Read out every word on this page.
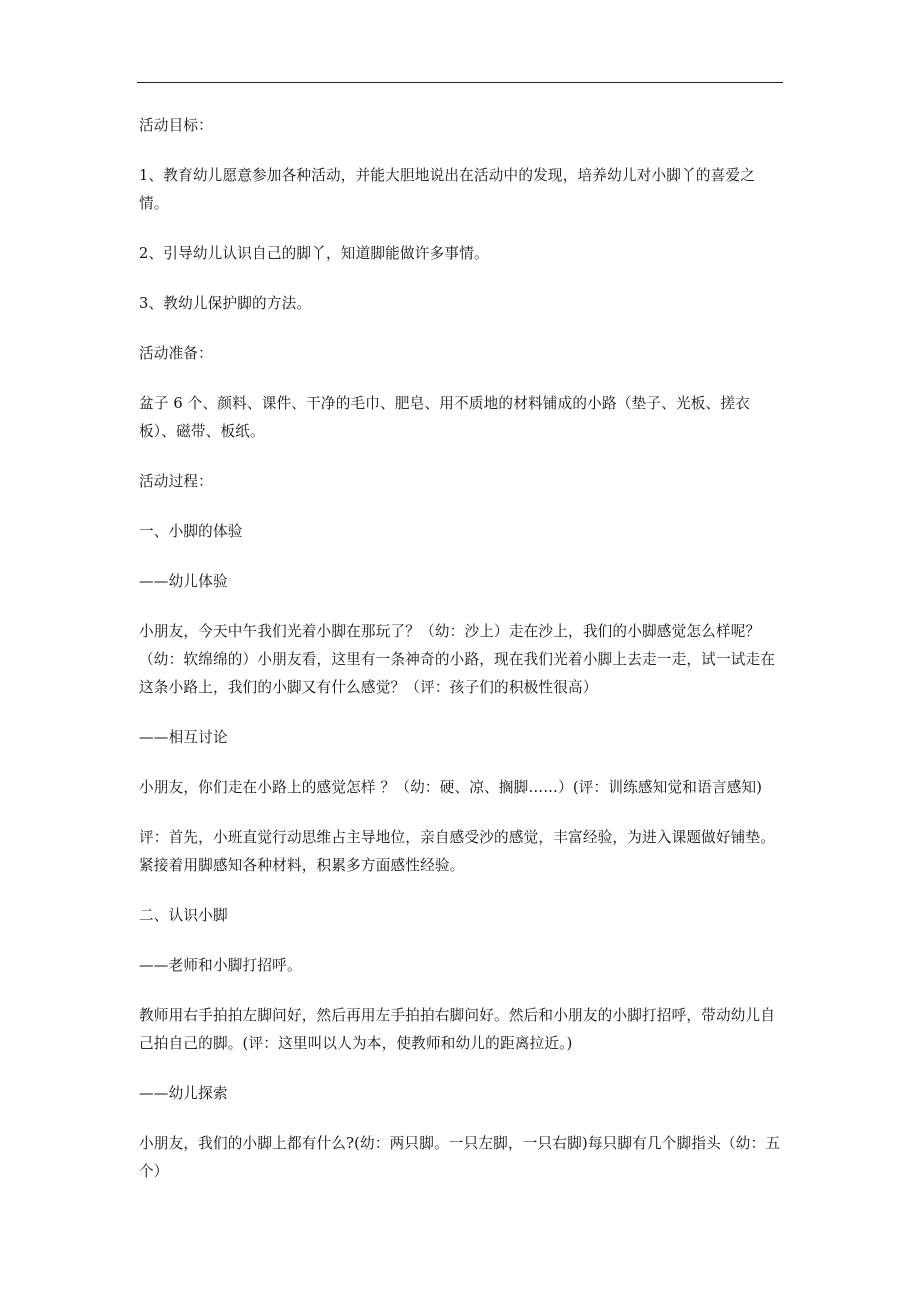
活动目标：

1、教育幼儿愿意参加各种活动，并能大胆地说出在活动中的发现，培养幼儿对小脚丫的喜爱之情。

2、引导幼儿认识自己的脚丫，知道脚能做许多事情。

3、教幼儿保护脚的方法。

活动准备：

盆子 6 个、颜料、课件、干净的毛巾、肥皂、用不质地的材料铺成的小路（垫子、光板、搓衣板）、磁带、板纸。

活动过程：

一、小脚的体验

——幼儿体验

小朋友，今天中午我们光着小脚在那玩了？（幼：沙上）走在沙上，我们的小脚感觉怎么样呢？（幼：软绵绵的）小朋友看，这里有一条神奇的小路，现在我们光着小脚上去走一走，试一试走在这条小路上，我们的小脚又有什么感觉？（评：孩子们的积极性很高）

——相互讨论

小朋友，你们走在小路上的感觉怎样 ？（幼：硬、凉、搁脚……）(评：训练感知觉和语言感知)

评：首先，小班直觉行动思维占主导地位，亲自感受沙的感觉，丰富经验，为进入课题做好铺垫。紧接着用脚感知各种材料，积累多方面感性经验。

二、认识小脚

——老师和小脚打招呼。

教师用右手拍拍左脚问好，然后再用左手拍拍右脚问好。然后和小朋友的小脚打招呼，带动幼儿自己拍自己的脚。(评：这里叫以人为本，使教师和幼儿的距离拉近。)

——幼儿探索

小朋友，我们的小脚上都有什么?(幼：两只脚。一只左脚，一只右脚)每只脚有几个脚指头（幼：五个）
